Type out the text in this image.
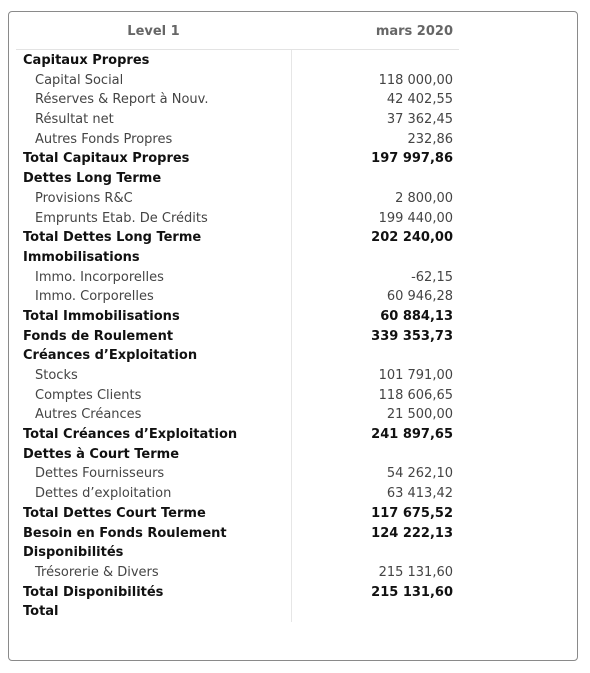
Level 1	mars 2020
Capitaux Propres
Capital Social	118 000,00
Réserves & Report à Nouv.	42 402,55
Résultat net	37 362,45
Autres Fonds Propres	232,86
Total Capitaux Propres	197 997,86
Dettes Long Terme
Provisions R&C	2 800,00
Emprunts Etab. De Crédits	199 440,00
Total Dettes Long Terme	202 240,00
Immobilisations
Immo. Incorporelles	-62,15
Immo. Corporelles	60 946,28
Total Immobilisations	60 884,13
Fonds de Roulement	339 353,73
Créances d’Exploitation
Stocks	101 791,00
Comptes Clients	118 606,65
Autres Créances	21 500,00
Total Créances d’Exploitation	241 897,65
Dettes à Court Terme
Dettes Fournisseurs	54 262,10
Dettes d’exploitation	63 413,42
Total Dettes Court Terme	117 675,52
Besoin en Fonds Roulement	124 222,13
Disponibilités
Trésorerie & Divers	215 131,60
Total Disponibilités	215 131,60
Total
